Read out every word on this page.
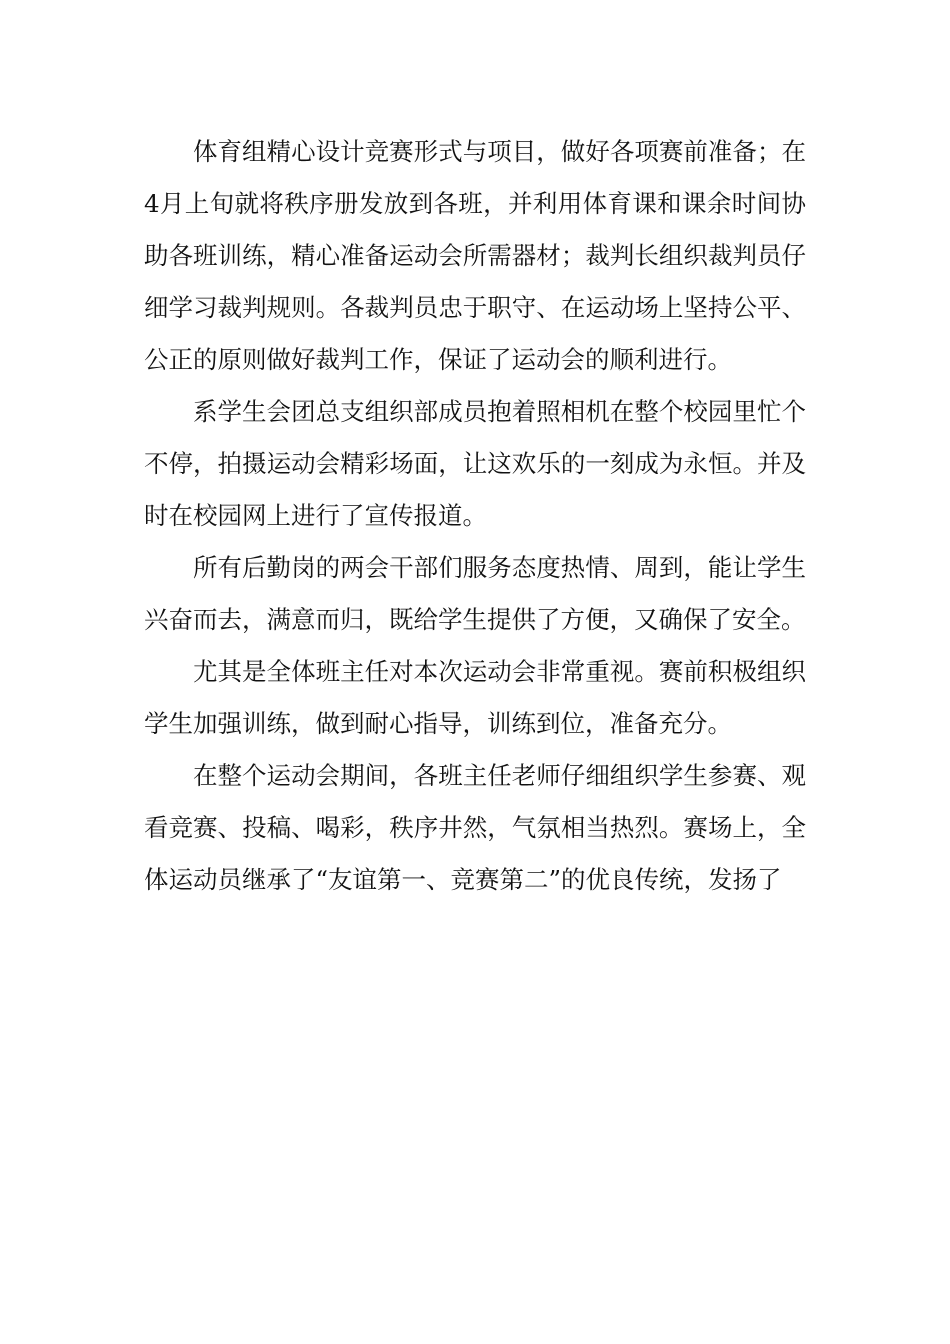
体育组精心设计竞赛形式与项目，做好各项赛前准备；在4月上旬就将秩序册发放到各班，并利用体育课和课余时间协助各班训练，精心准备运动会所需器材；裁判长组织裁判员仔细学习裁判规则。各裁判员忠于职守、在运动场上坚持公平、公正的原则做好裁判工作，保证了运动会的顺利进行。

系学生会团总支组织部成员抱着照相机在整个校园里忙个不停，拍摄运动会精彩场面，让这欢乐的一刻成为永恒。并及时在校园网上进行了宣传报道。

所有后勤岗的两会干部们服务态度热情、周到，能让学生兴奋而去，满意而归，既给学生提供了方便，又确保了安全。

尤其是全体班主任对本次运动会非常重视。赛前积极组织学生加强训练，做到耐心指导，训练到位，准备充分。

在整个运动会期间，各班主任老师仔细组织学生参赛、观看竞赛、投稿、喝彩，秩序井然，气氛相当热烈。赛场上，全体运动员继承了“友谊第一、竞赛第二”的优良传统，发扬了
